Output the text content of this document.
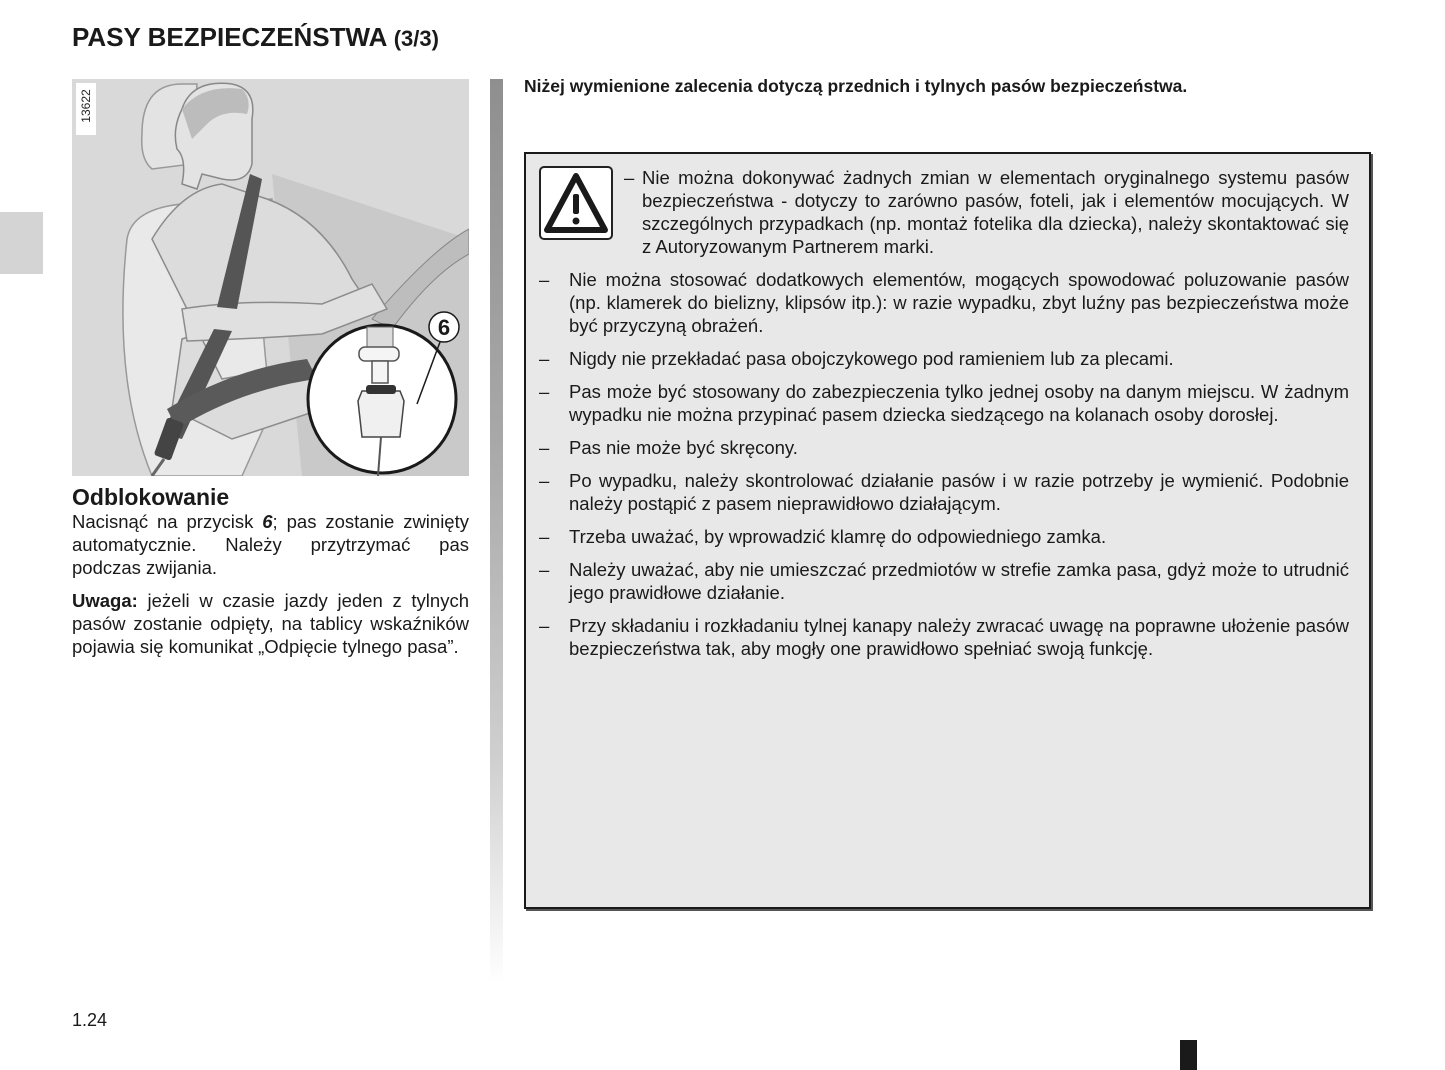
PASY BEZPIECZEŃSTWA (3/3)
13622
6
Odblokowanie

Nacisnąć na przycisk 6; pas zostanie zwinięty automatycznie. Należy przytrzymać pas podczas zwijania.

Uwaga: jeżeli w czasie jazdy jeden z tylnych pasów zostanie odpięty, na tablicy wskaźników pojawia się komunikat „Odpięcie tylnego pasa”.

Niżej wymienione zalecenia dotyczą przednich i tylnych pasów bezpieczeństwa.
– Nie można dokonywać żadnych zmian w elementach oryginalnego systemu pasów bezpieczeństwa - dotyczy to zarówno pasów, foteli, jak i elementów mocujących. W szczególnych przypadkach (np. montaż fotelika dla dziecka), należy skontaktować się z Autoryzowanym Partnerem marki.
– Nie można stosować dodatkowych elementów, mogących spowodować poluzowanie pasów (np. klamerek do bielizny, klipsów itp.): w razie wypadku, zbyt luźny pas bezpieczeństwa może być przyczyną obrażeń.
– Nigdy nie przekładać pasa obojczykowego pod ramieniem lub za plecami.
– Pas może być stosowany do zabezpieczenia tylko jednej osoby na danym miejscu. W żadnym wypadku nie można przypinać pasem dziecka siedzącego na kolanach osoby dorosłej.
– Pas nie może być skręcony.
– Po wypadku, należy skontrolować działanie pasów i w razie potrzeby je wymienić. Podobnie należy postąpić z pasem nieprawidłowo działającym.
– Trzeba uważać, by wprowadzić klamrę do odpowiedniego zamka.
– Należy uważać, aby nie umieszczać przedmiotów w strefie zamka pasa, gdyż może to utrudnić jego prawidłowe działanie.
– Przy składaniu i rozkładaniu tylnej kanapy należy zwracać uwagę na poprawne ułożenie pasów bezpieczeństwa tak, aby mogły one prawidłowo spełniać swoją funkcję.
1.24
